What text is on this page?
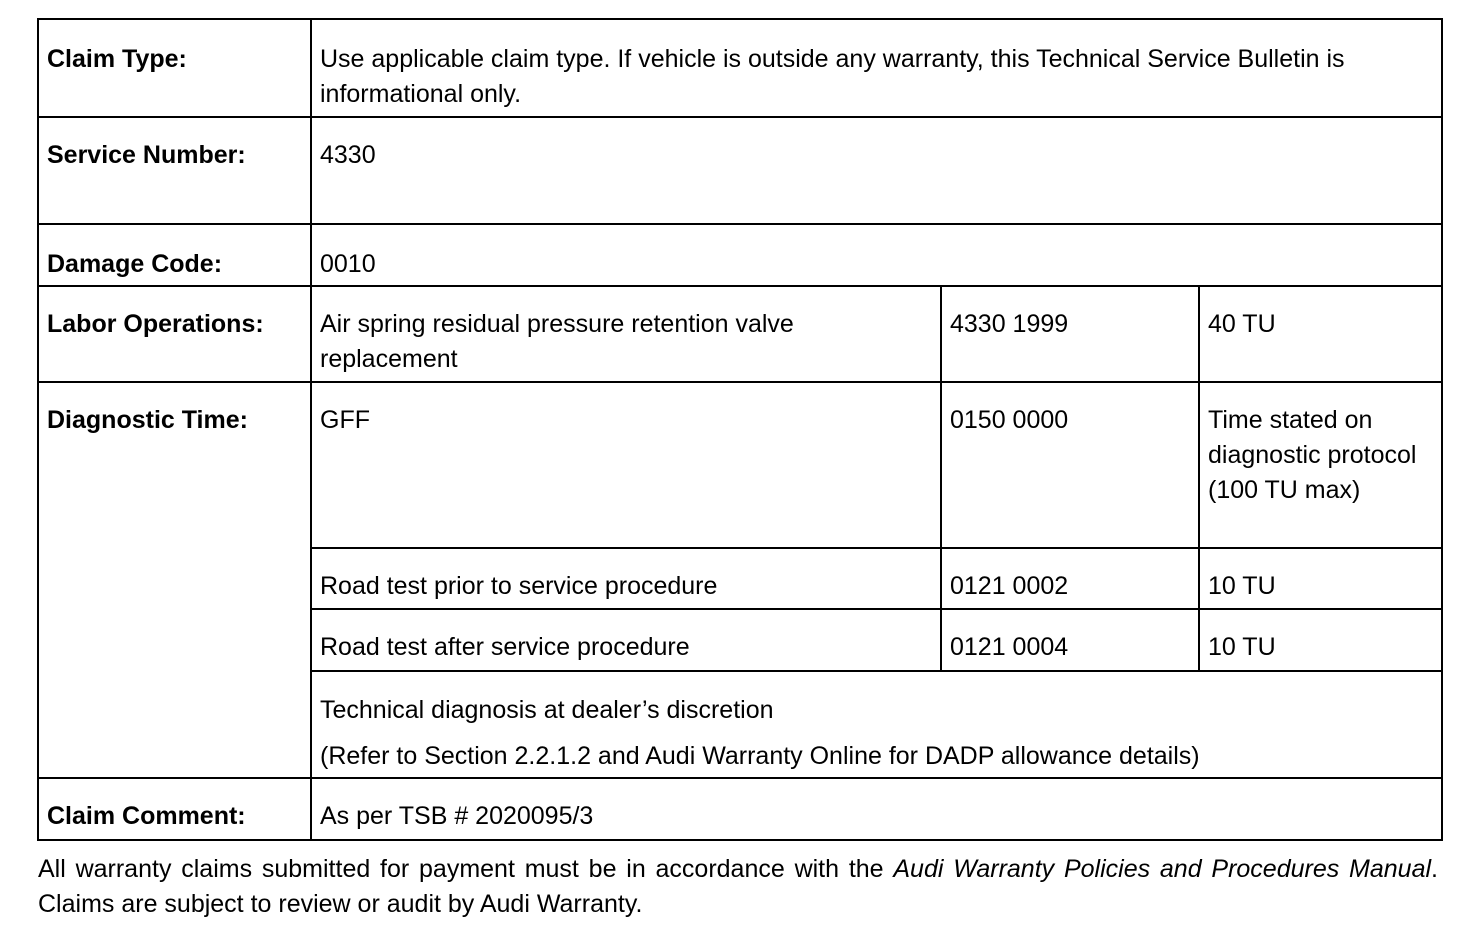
Claim Type:	Use applicable claim type. If vehicle is outside any warranty, this Technical Service Bulletin is informational only.		
Service Number:	4330		
Damage Code:	0010		
Labor Operations:	Air spring residual pressure retention valve replacement	4330 1999	40 TU
Diagnostic Time:	GFF	0150 0000	Time stated on diagnostic protocol (100 TU max)
	Road test prior to service procedure	0121 0002	10 TU
	Road test after service procedure	0121 0004	10 TU
	Technical diagnosis at dealer’s discretion
(Refer to Section 2.2.1.2 and Audi Warranty Online for DADP allowance details)		

Claim Comment:	As per TSB # 2020095/3		
All warranty claims submitted for payment must be in accordance with the Audi Warranty Policies and Procedures Manual. Claims are subject to review or audit by Audi Warranty.
